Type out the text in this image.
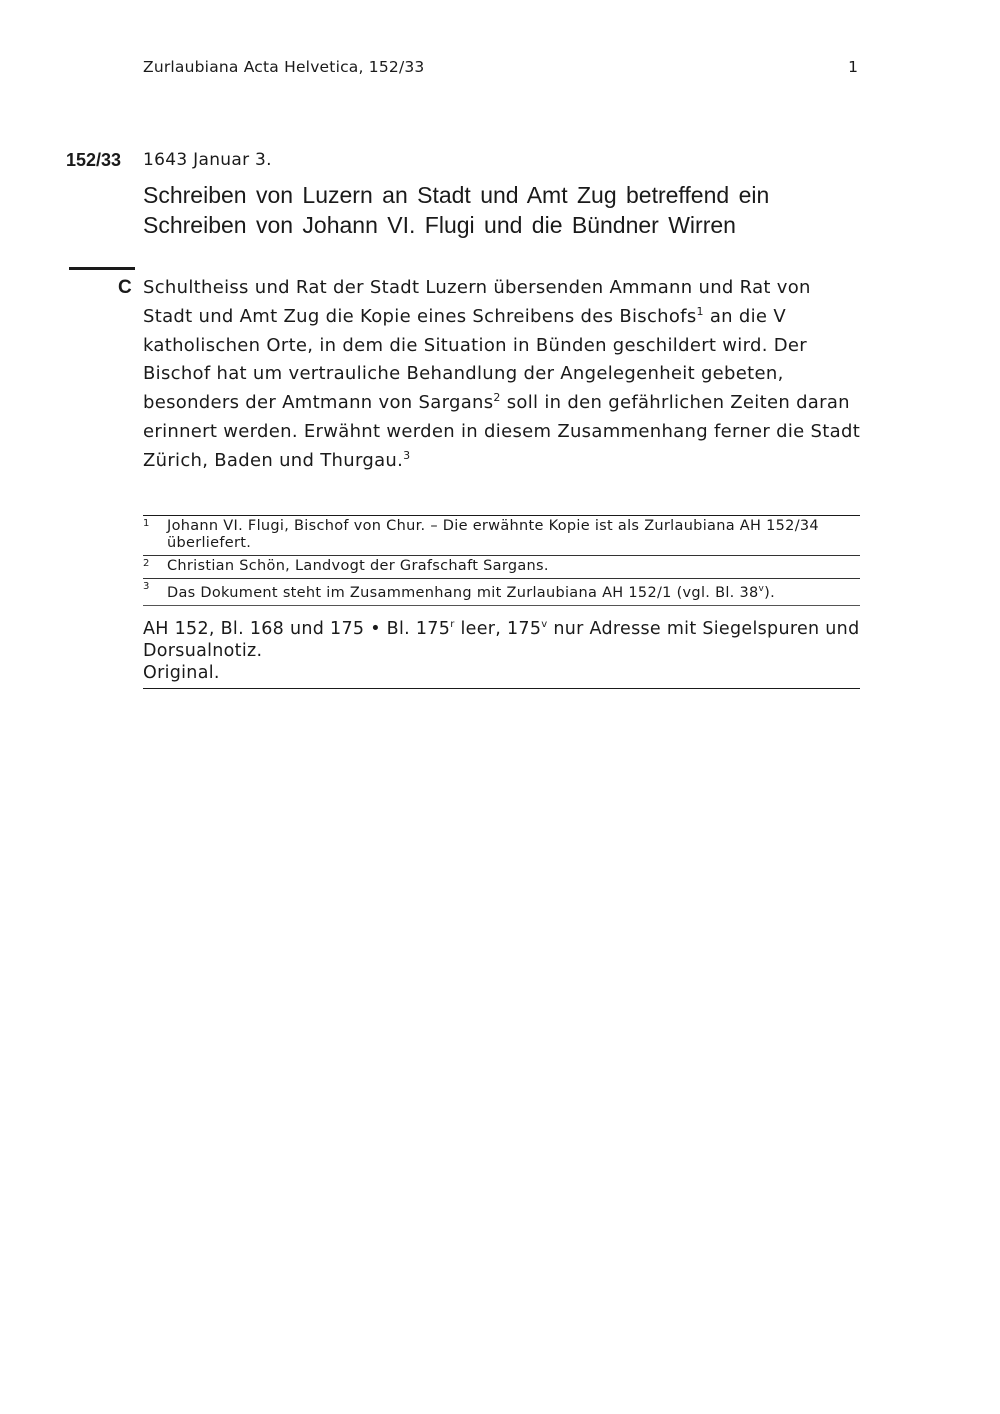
Zurlaubiana Acta Helvetica, 152/33	1
152/33 1643 Januar 3.
Schreiben von Luzern an Stadt und Amt Zug betreffend ein Schreiben von Johann VI. Flugi und die Bündner Wirren
C Schultheiss und Rat der Stadt Luzern übersenden Ammann und Rat von Stadt und Amt Zug die Kopie eines Schreibens des Bischofs$^1$ an die V katholischen Orte, in dem die Situation in Bünden geschildert wird. Der Bischof hat um vertrauliche Behandlung der Angelegenheit gebeten, besonders der Amtmann von Sargans$^2$ soll in den gefährlichen Zeiten daran erinnert werden. Erwähnt werden in diesem Zusammenhang ferner die Stadt Zürich, Baden und Thurgau.$^3$
1	Johann VI. Flugi, Bischof von Chur. – Die erwähnte Kopie ist als Zurlaubiana AH 152/34 überliefert.
2	Christian Schön, Landvogt der Grafschaft Sargans.
3	Das Dokument steht im Zusammenhang mit Zurlaubiana AH 152/1 (vgl. Bl. 38$^v$).
AH 152, Bl. 168 und 175 • Bl. 175$^r$ leer, 175$^v$ nur Adresse mit Siegelspuren und Dorsualnotiz.
Original.
